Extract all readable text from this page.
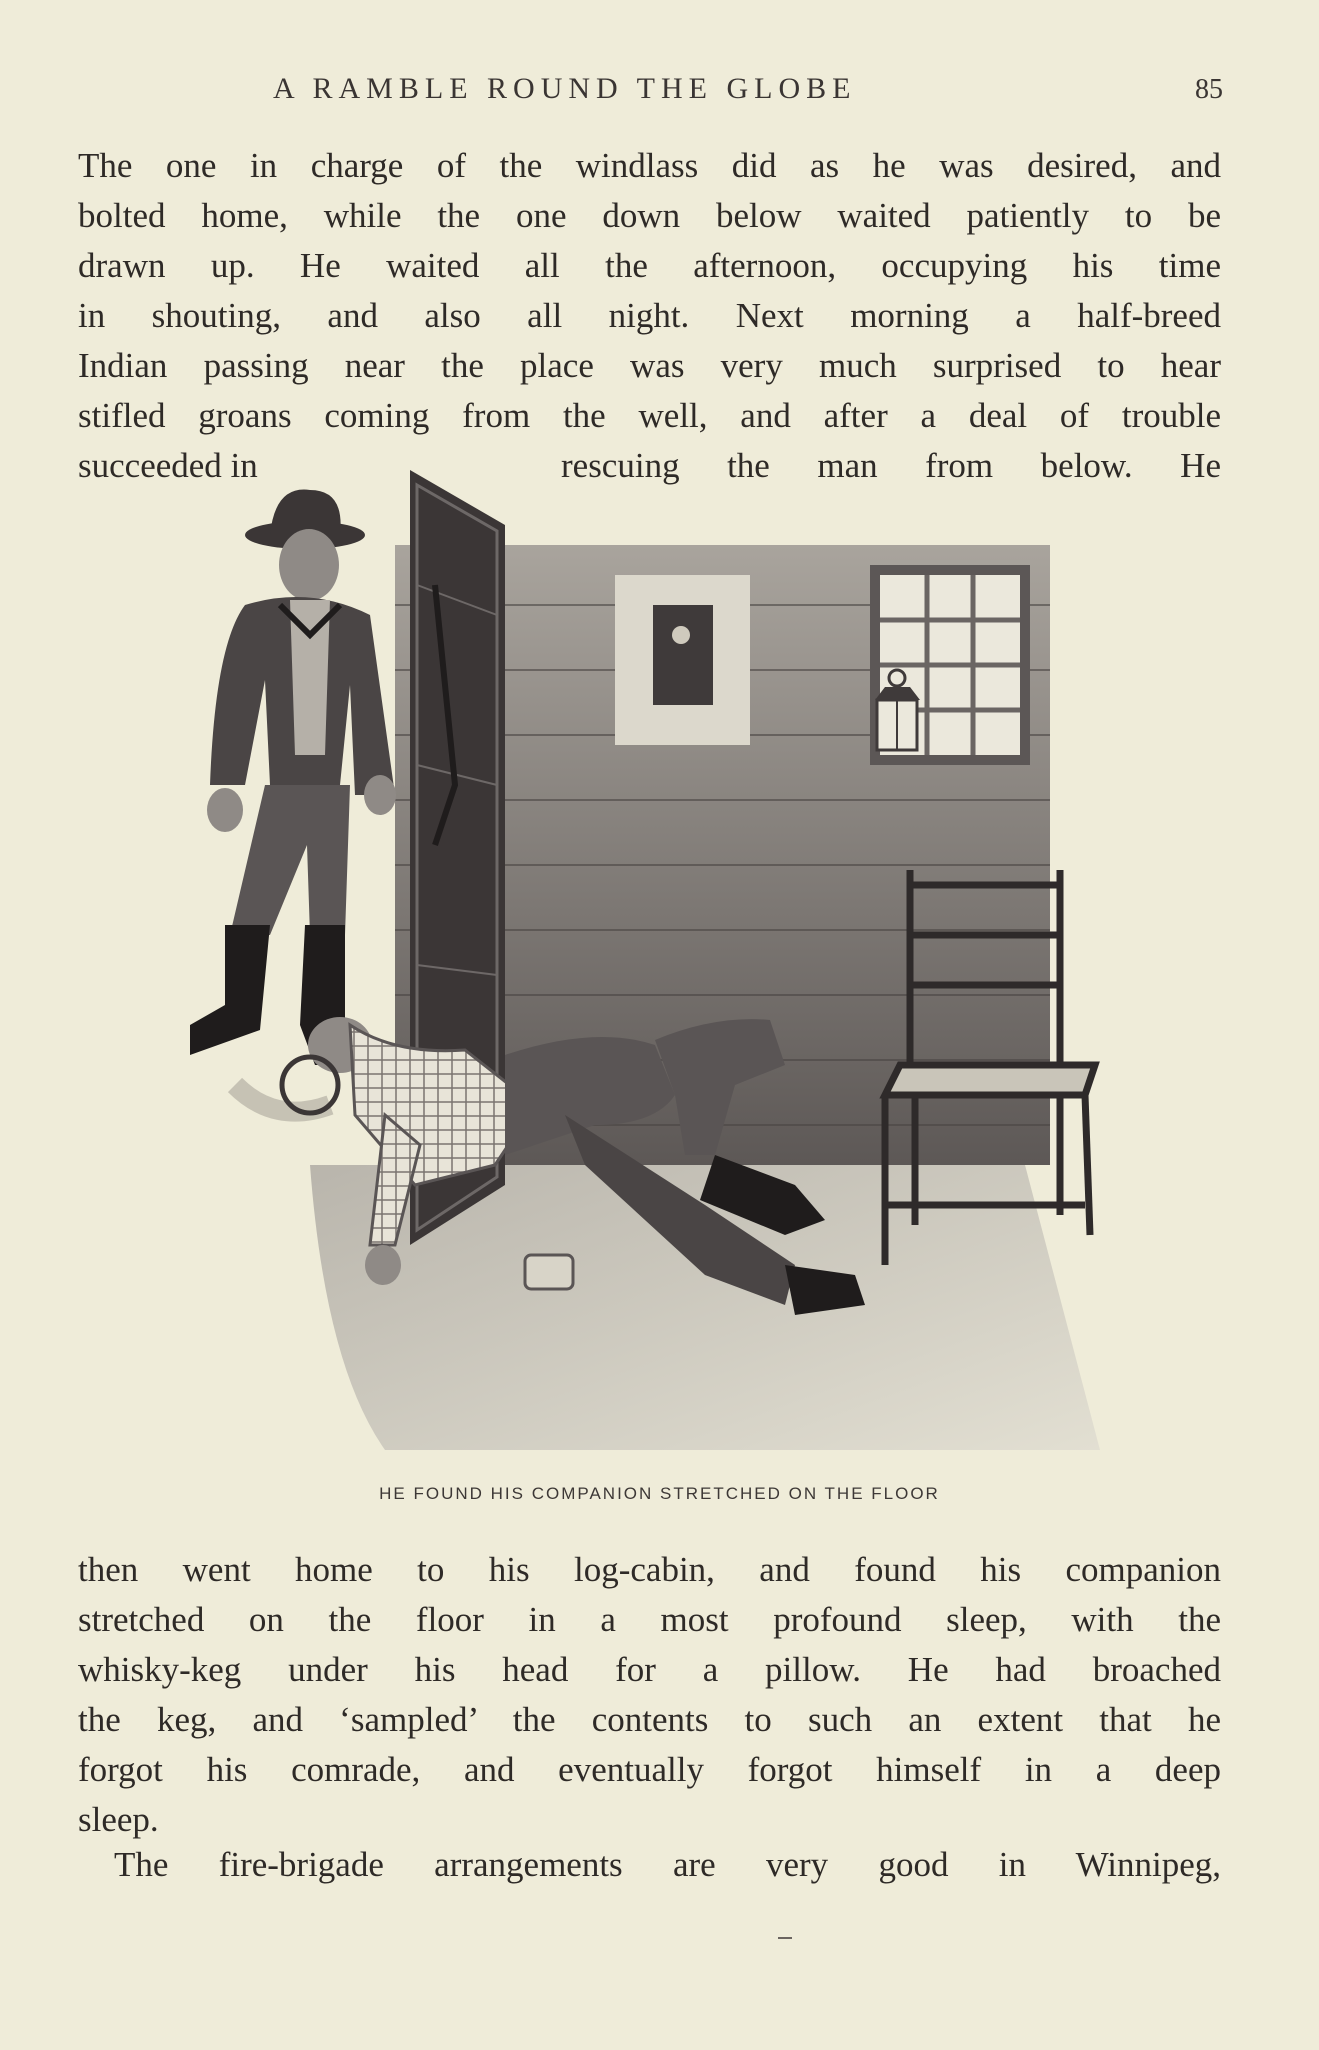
A RAMBLE ROUND THE GLOBE	85
The one in charge of the windlass did as he was desired, and
bolted home, while the one down below waited patiently to be
drawn up. He waited all the afternoon, occupying his time
in shouting, and also all night. Next morning a half-breed
Indian passing near the place was very much surprised to hear
stifled groans coming from the well, and after a deal of trouble
succeeded in	rescuing the man from below. He
HE FOUND HIS COMPANION STRETCHED ON THE FLOOR
then went home to his log-cabin, and found his companion
stretched on the floor in a most profound sleep, with the
whisky-keg under his head for a pillow. He had broached
the keg, and ‘sampled’ the contents to such an extent that he
forgot his comrade, and eventually forgot himself in a deep
sleep.
The fire-brigade arrangements are very good in Winnipeg,
